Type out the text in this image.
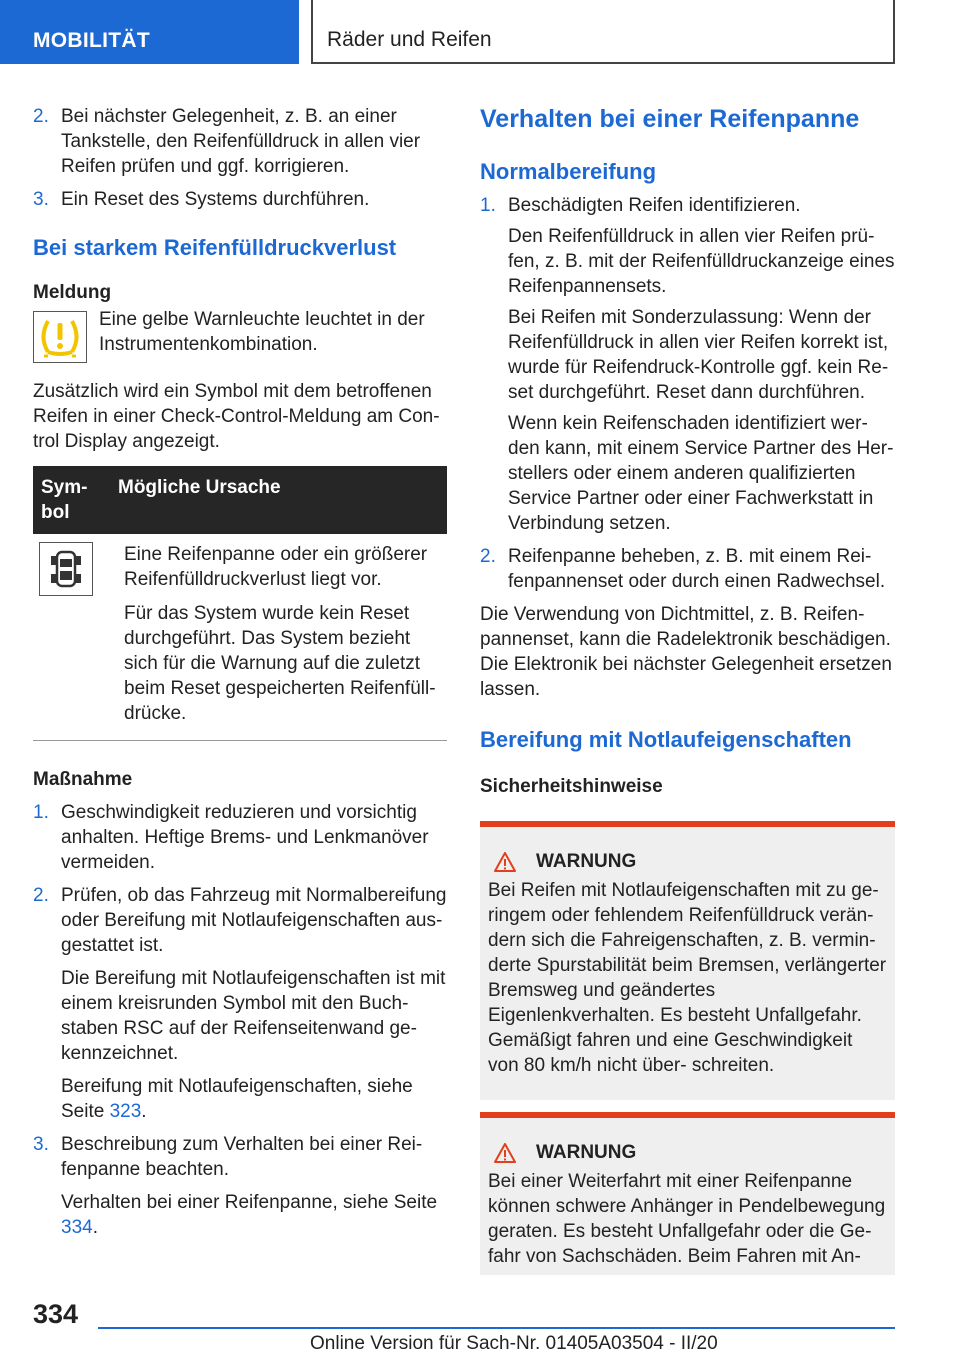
MOBILITÄT	Räder und Reifen
2. Bei nächster Gelegenheit, z. B. an einer Tankstelle, den Reifenfülldruck in allen vier Reifen prüfen und ggf. korrigieren.
3. Ein Reset des Systems durchführen.
Bei starkem Reifenfülldruckverlust
Meldung

Eine gelbe Warnleuchte leuchtet in der Instrumentenkombination.

Zusätzlich wird ein Symbol mit dem betroffenen Reifen in einer Check-Control-Meldung am Con- trol Display angezeigt.

Sym- bol
Mögliche Ursache

Eine Reifenpanne oder ein größerer Reifenfülldruckverlust liegt vor.

Für das System wurde kein Reset durchgeführt. Das System bezieht sich für die Warnung auf die zuletzt beim Reset gespeicherten Reifenfüll- drücke.

Maßnahme
1. Geschwindigkeit reduzieren und vorsichtig anhalten. Heftige Brems- und Lenkmanöver vermeiden.
2. Prüfen, ob das Fahrzeug mit Normalbereifung oder Bereifung mit Notlaufeigenschaften aus- gestattet ist.

Die Bereifung mit Notlaufeigenschaften ist mit einem kreisrunden Symbol mit den Buch- staben RSC auf der Reifenseitenwand ge- kennzeichnet.

Bereifung mit Notlaufeigenschaften, siehe Seite 323.

3. Beschreibung zum Verhalten bei einer Rei- fenpanne beachten.

Verhalten bei einer Reifenpanne, siehe Seite 334.

Verhalten bei einer Reifenpanne
Normalbereifung
1. Beschädigten Reifen identifizieren.

Den Reifenfülldruck in allen vier Reifen prü- fen, z. B. mit der Reifenfülldruckanzeige eines Reifenpannensets.

Bei Reifen mit Sonderzulassung: Wenn der Reifenfülldruck in allen vier Reifen korrekt ist, wurde für Reifendruck-Kontrolle ggf. kein Re- set durchgeführt. Reset dann durchführen.

Wenn kein Reifenschaden identifiziert wer- den kann, mit einem Service Partner des Her- stellers oder einem anderen qualifizierten Service Partner oder einer Fachwerkstatt in Verbindung setzen.

2. Reifenpanne beheben, z. B. mit einem Rei- fenpannenset oder durch einen Radwechsel.

Die Verwendung von Dichtmittel, z. B. Reifen- pannenset, kann die Radelektronik beschädigen. Die Elektronik bei nächster Gelegenheit ersetzen lassen.

Bereifung mit Notlaufeigenschaften
Sicherheitshinweise
WARNUNG
Bei Reifen mit Notlaufeigenschaften mit zu ge- ringem oder fehlendem Reifenfülldruck verän- dern sich die Fahreigenschaften, z. B. vermin- derte Spurstabilität beim Bremsen, verlängerter Bremsweg und geändertes Eigenlenkverhalten. Es besteht Unfallgefahr. Gemäßigt fahren und eine Geschwindigkeit von 80 km/h nicht über- schreiten.
WARNUNG
Bei einer Weiterfahrt mit einer Reifenpanne können schwere Anhänger in Pendelbewegung geraten. Es besteht Unfallgefahr oder die Ge- fahr von Sachschäden. Beim Fahren mit An-
334
Online Version für Sach-Nr. 01405A03504 - II/20
